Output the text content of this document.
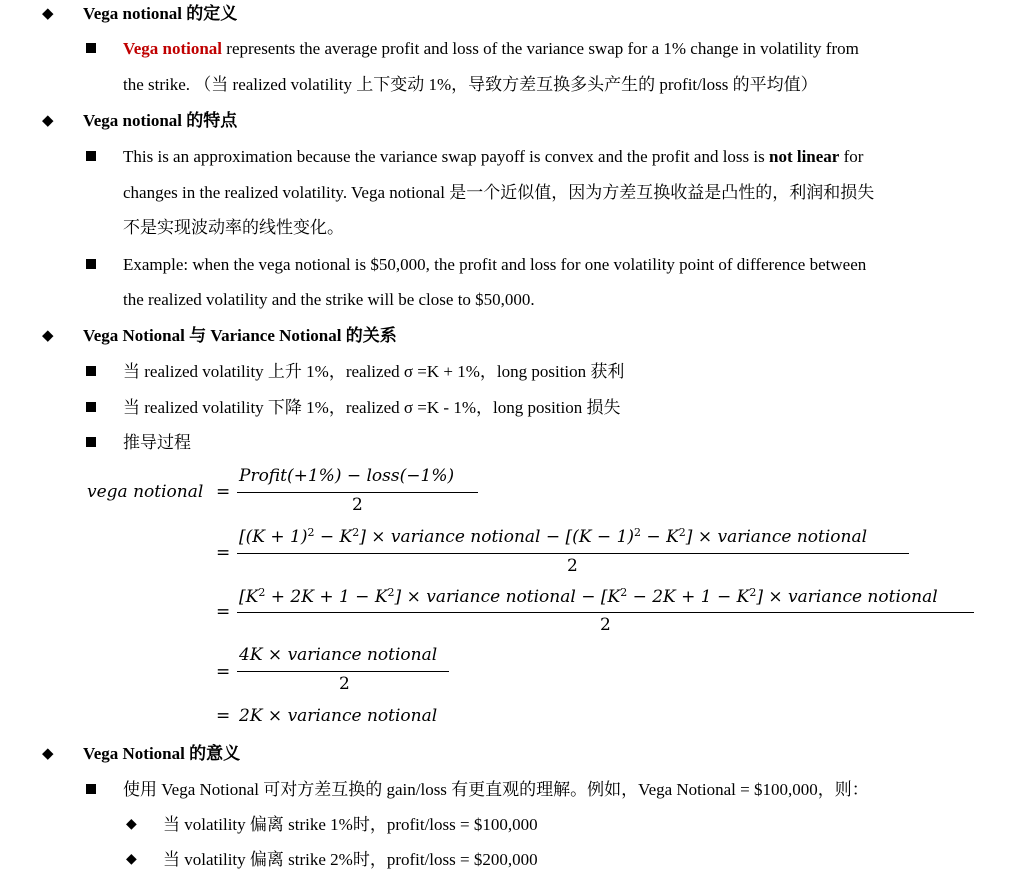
◆ Vega notional 的定义
Vega notional represents the average profit and loss of the variance swap for a 1% change in volatility from
the strike. （当 realized volatility 上下变动 1%，导致方差互换多头产生的 profit/loss 的平均值）
◆ Vega notional 的特点
This is an approximation because the variance swap payoff is convex and the profit and loss is not linear for
changes in the realized volatility. Vega notional 是一个近似值，因为方差互换收益是凸性的，利润和损失
不是实现波动率的线性变化。
Example: when the vega notional is $50,000, the profit and loss for one volatility point of difference between
the realized volatility and the strike will be close to $50,000.
◆ Vega Notional 与 Variance Notional 的关系
当 realized volatility 上升 1%，realized σ =K + 1%，long position 获利
当 realized volatility 下降 1%，realized σ =K - 1%，long position 损失
推导过程
vega notional =
Profit(+1%) − loss(−1%)
2
=
$[(K + 1)^2 - K^2]$ × variance notional − $[(K - 1)^2 - K^2]$ × variance notional
2
=
$[K^2 + 2K + 1 - K^2]$ × variance notional − $[K^2 - 2K + 1 - K^2]$ × variance notional
2
=
4K × variance notional
2
= 2K × variance notional
◆ Vega Notional 的意义
使用 Vega Notional 可对方差互换的 gain/loss 有更直观的理解。例如，Vega Notional = $100,000，则：
◆ 当 volatility 偏离 strike 1%时，profit/loss = $100,000
◆ 当 volatility 偏离 strike 2%时，profit/loss = $200,000
